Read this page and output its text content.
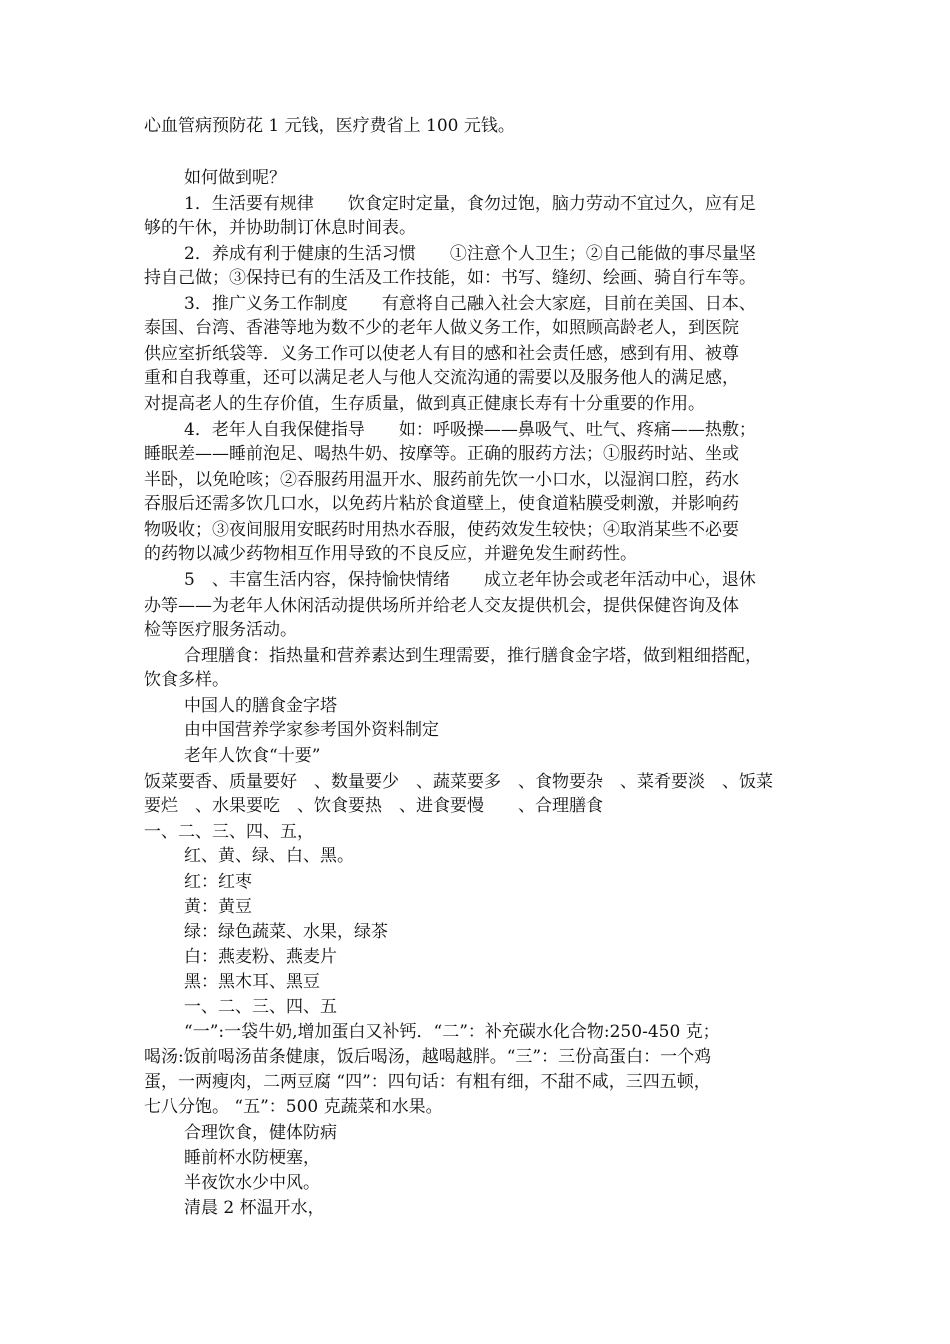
心血管病预防花 1 元钱，医疗费省上 100 元钱。
如何做到呢？
1．生活要有规律　　饮食定时定量，食勿过饱，脑力劳动不宜过久，应有足
够的午休，并协助制订休息时间表。
2．养成有利于健康的生活习惯　　①注意个人卫生；②自己能做的事尽量坚
持自己做；③保持已有的生活及工作技能，如：书写、缝纫、绘画、骑自行车等。
3．推广义务工作制度　　有意将自己融入社会大家庭，目前在美国、日本、
泰国、台湾、香港等地为数不少的老年人做义务工作，如照顾高龄老人，到医院
供应室折纸袋等．义务工作可以使老人有目的感和社会责任感，感到有用、被尊
重和自我尊重，还可以满足老人与他人交流沟通的需要以及服务他人的满足感，
对提高老人的生存价值，生存质量，做到真正健康长寿有十分重要的作用。
4．老年人自我保健指导　　如：呼吸操——鼻吸气、吐气、疼痛——热敷；
睡眠差——睡前泡足、喝热牛奶、按摩等。正确的服药方法；①服药时站、坐或
半卧，以免呛咳；②吞服药用温开水、服药前先饮一小口水，以湿润口腔，药水
吞服后还需多饮几口水，以免药片粘於食道壁上，使食道粘膜受刺激，并影响药
物吸收；③夜间服用安眠药时用热水吞服，使药效发生较快；④取消某些不必要
的药物以减少药物相互作用导致的不良反应，并避免发生耐药性。
5　、丰富生活内容，保持愉快情绪　　成立老年协会或老年活动中心，退休
办等——为老年人休闲活动提供场所并给老人交友提供机会，提供保健咨询及体
检等医疗服务活动。
合理膳食：指热量和营养素达到生理需要，推行膳食金字塔，做到粗细搭配，
饮食多样。
中国人的膳食金字塔
由中国营养学家参考国外资料制定
老年人饮食“十要”
饭菜要香、质量要好　、数量要少　、蔬菜要多　、食物要杂　、菜肴要淡　、饭菜
要烂　、水果要吃　、饮食要热　、进食要慢　　、合理膳食
一、二、三、四、五，
红、黄、绿、白、黑。
红：红枣
黄：黄豆
绿：绿色蔬菜、水果，绿茶
白：燕麦粉、燕麦片
黑：黑木耳、黑豆
一、二、三、四、五
“一”:一袋牛奶,增加蛋白又补钙．“二”：补充碳水化合物:250-450 克；
喝汤:饭前喝汤苗条健康，饭后喝汤，越喝越胖。“三”：三份高蛋白：一个鸡
蛋，一两瘦肉，二两豆腐 “四”：四句话：有粗有细，不甜不咸，三四五顿，
七八分饱。 “五”：500 克蔬菜和水果。
合理饮食，健体防病
睡前杯水防梗塞，
半夜饮水少中风。
清晨 2 杯温开水，
